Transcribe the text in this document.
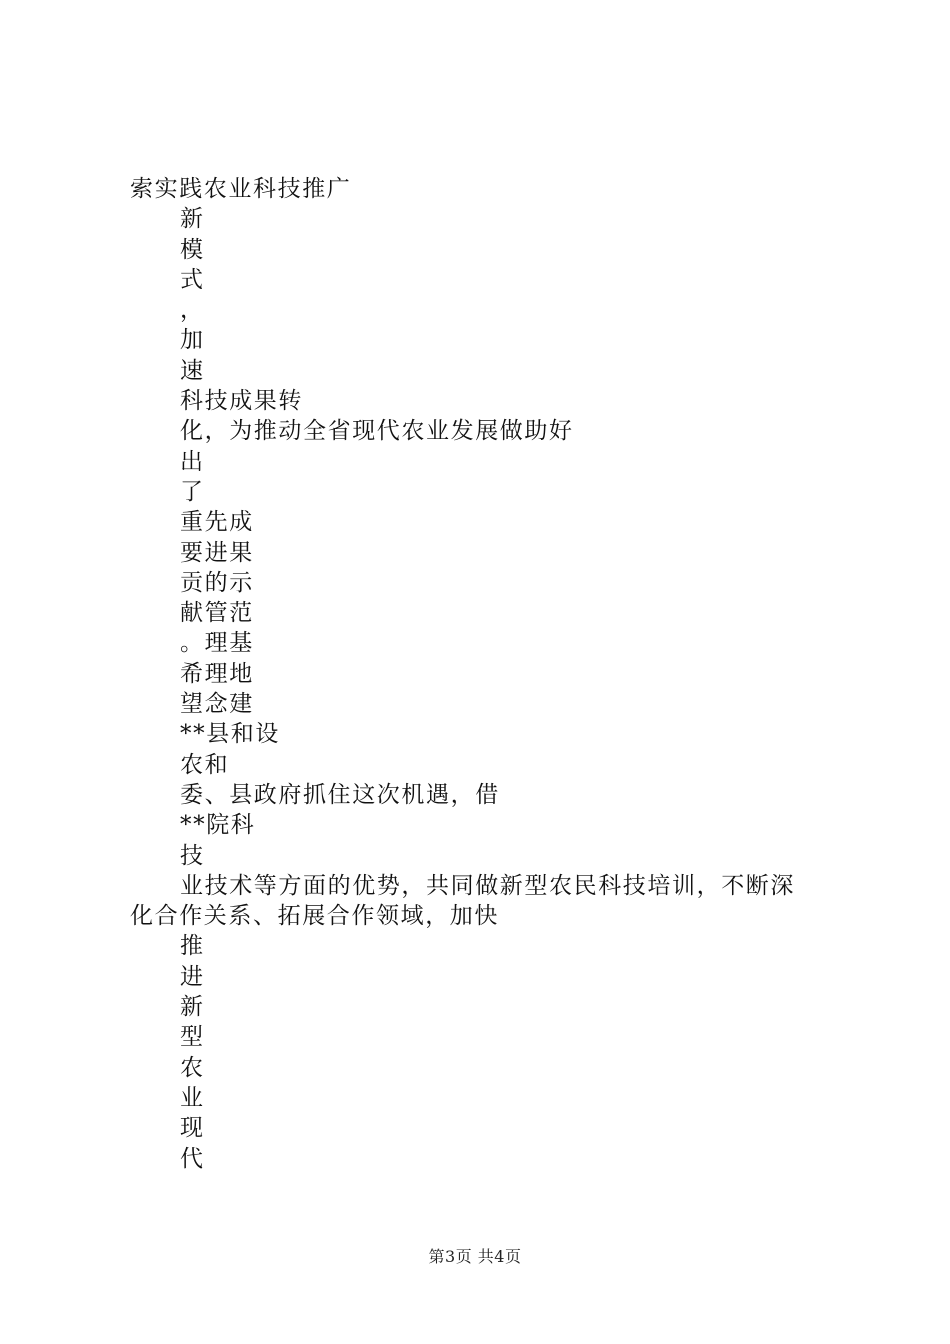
索实践农业科技推广
新
模
式
，
加
速
科技成果转
化，为推动全省现代农业发展做助好
出
了
重先成
要进果
贡的示
献管范
。理基
希理地
望念建
**县和设
农和
委、县政府抓住这次机遇，借
**院科
技
业技术等方面的优势，共同做新型农民科技培训，不断深
化合作关系、拓展合作领域，加快
推
进
新
型
农
业
现
代
第3页 共4页
